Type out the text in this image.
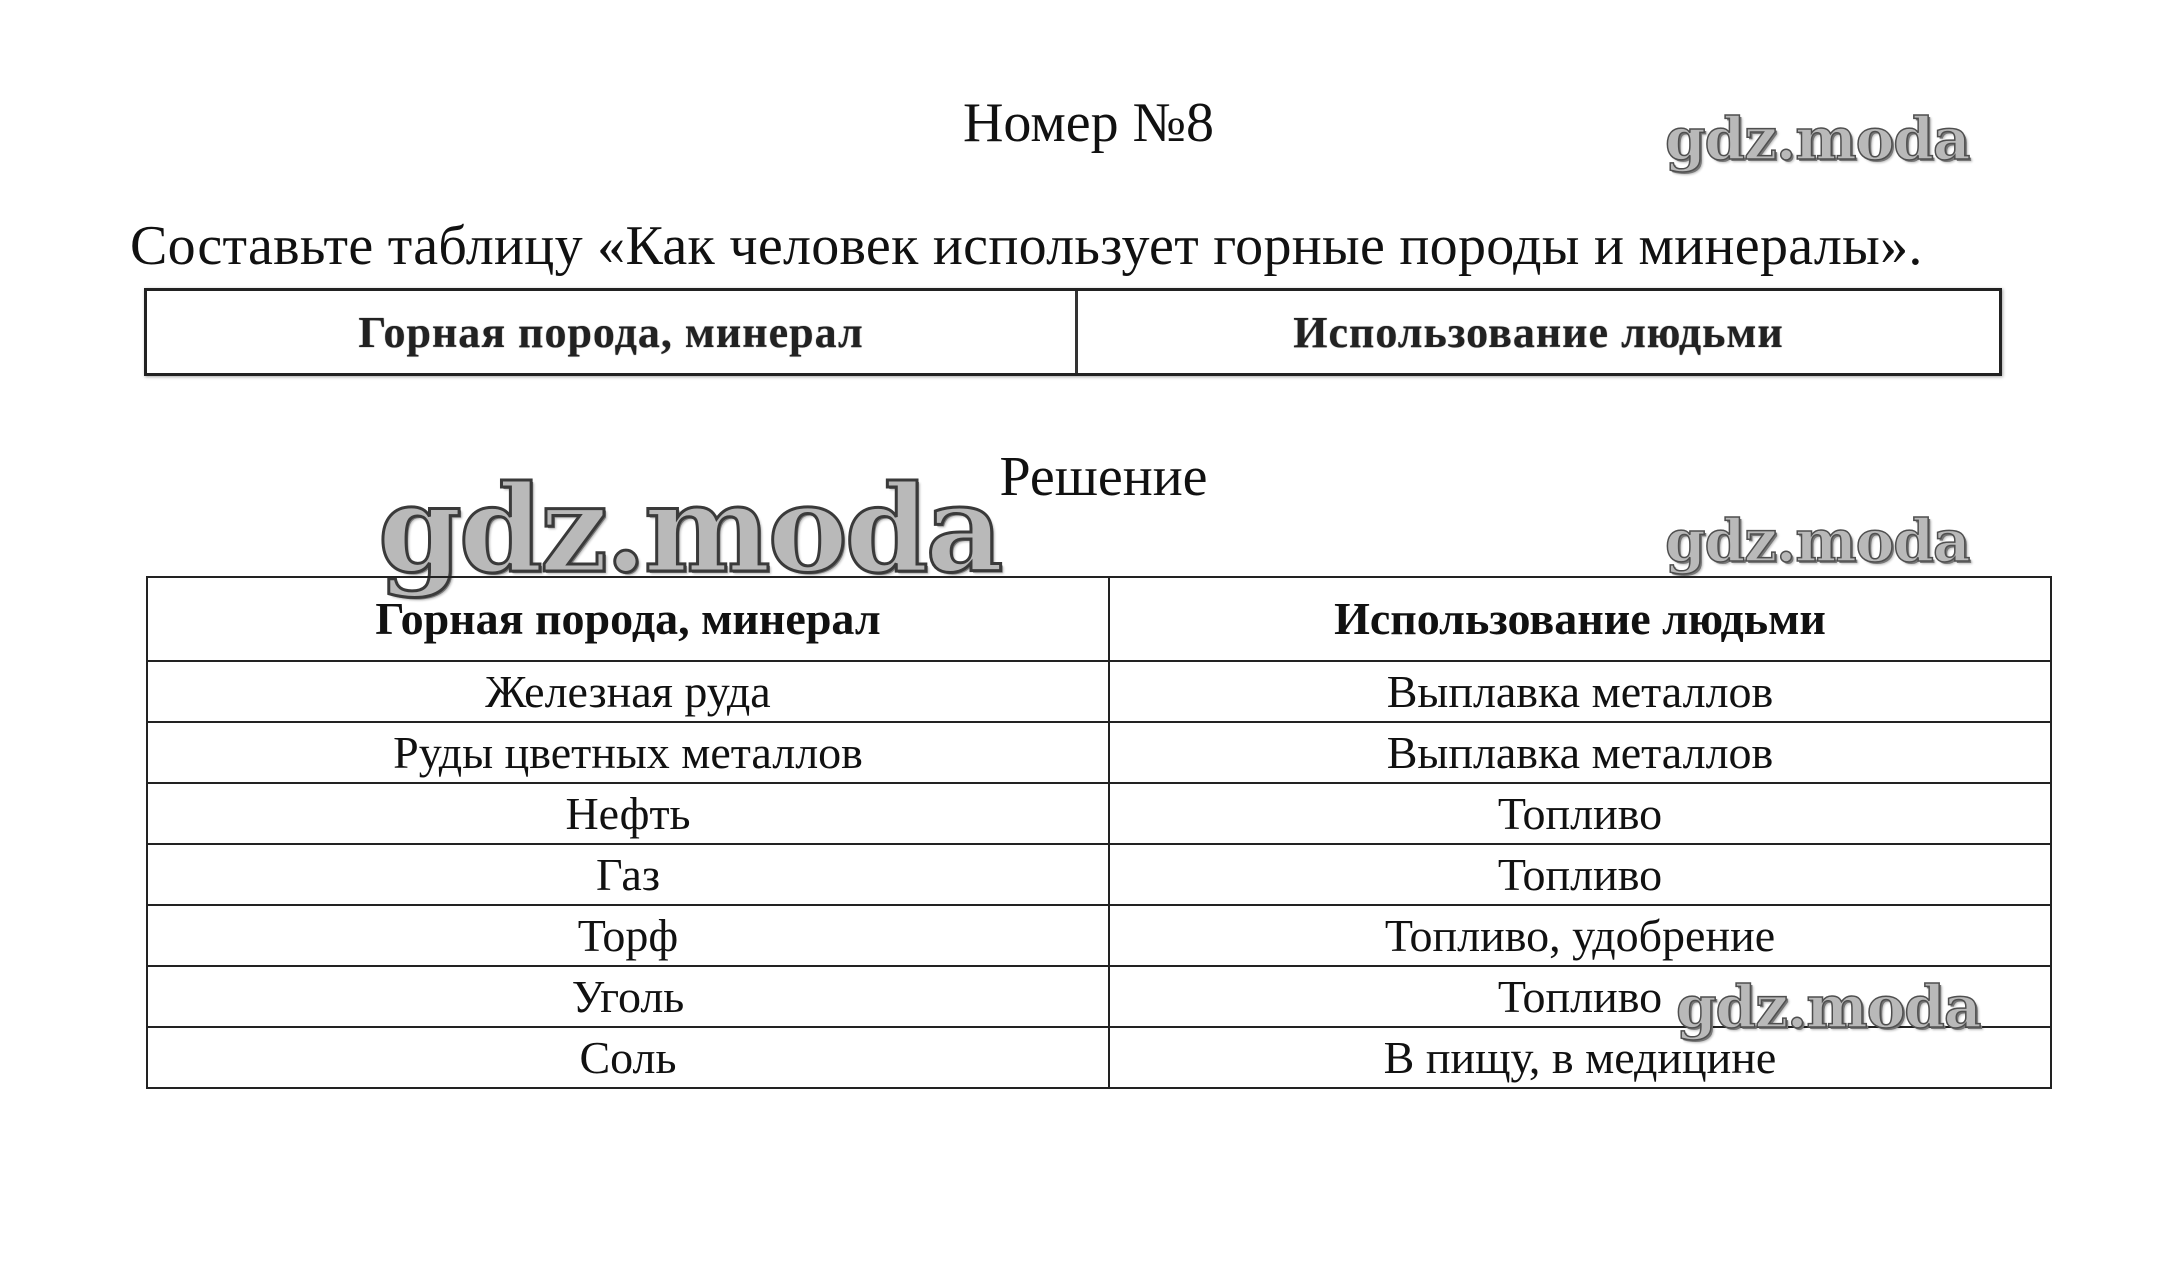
Номер №8	gdz.moda
Составьте таблицу «Как человек использует горные породы и минералы».
Горная порода, минерал	Использование людьми
Решение
gdz.moda	gdz.moda
Горная порода, минерал	Использование людьми
Железная руда	Выплавка металлов
Руды цветных металлов	Выплавка металлов
Нефть	Топливо
Газ	Топливо
Торф	Топливо, удобрение
Уголь	Топливо
Соль	В пищу, в медицине
gdz.moda
